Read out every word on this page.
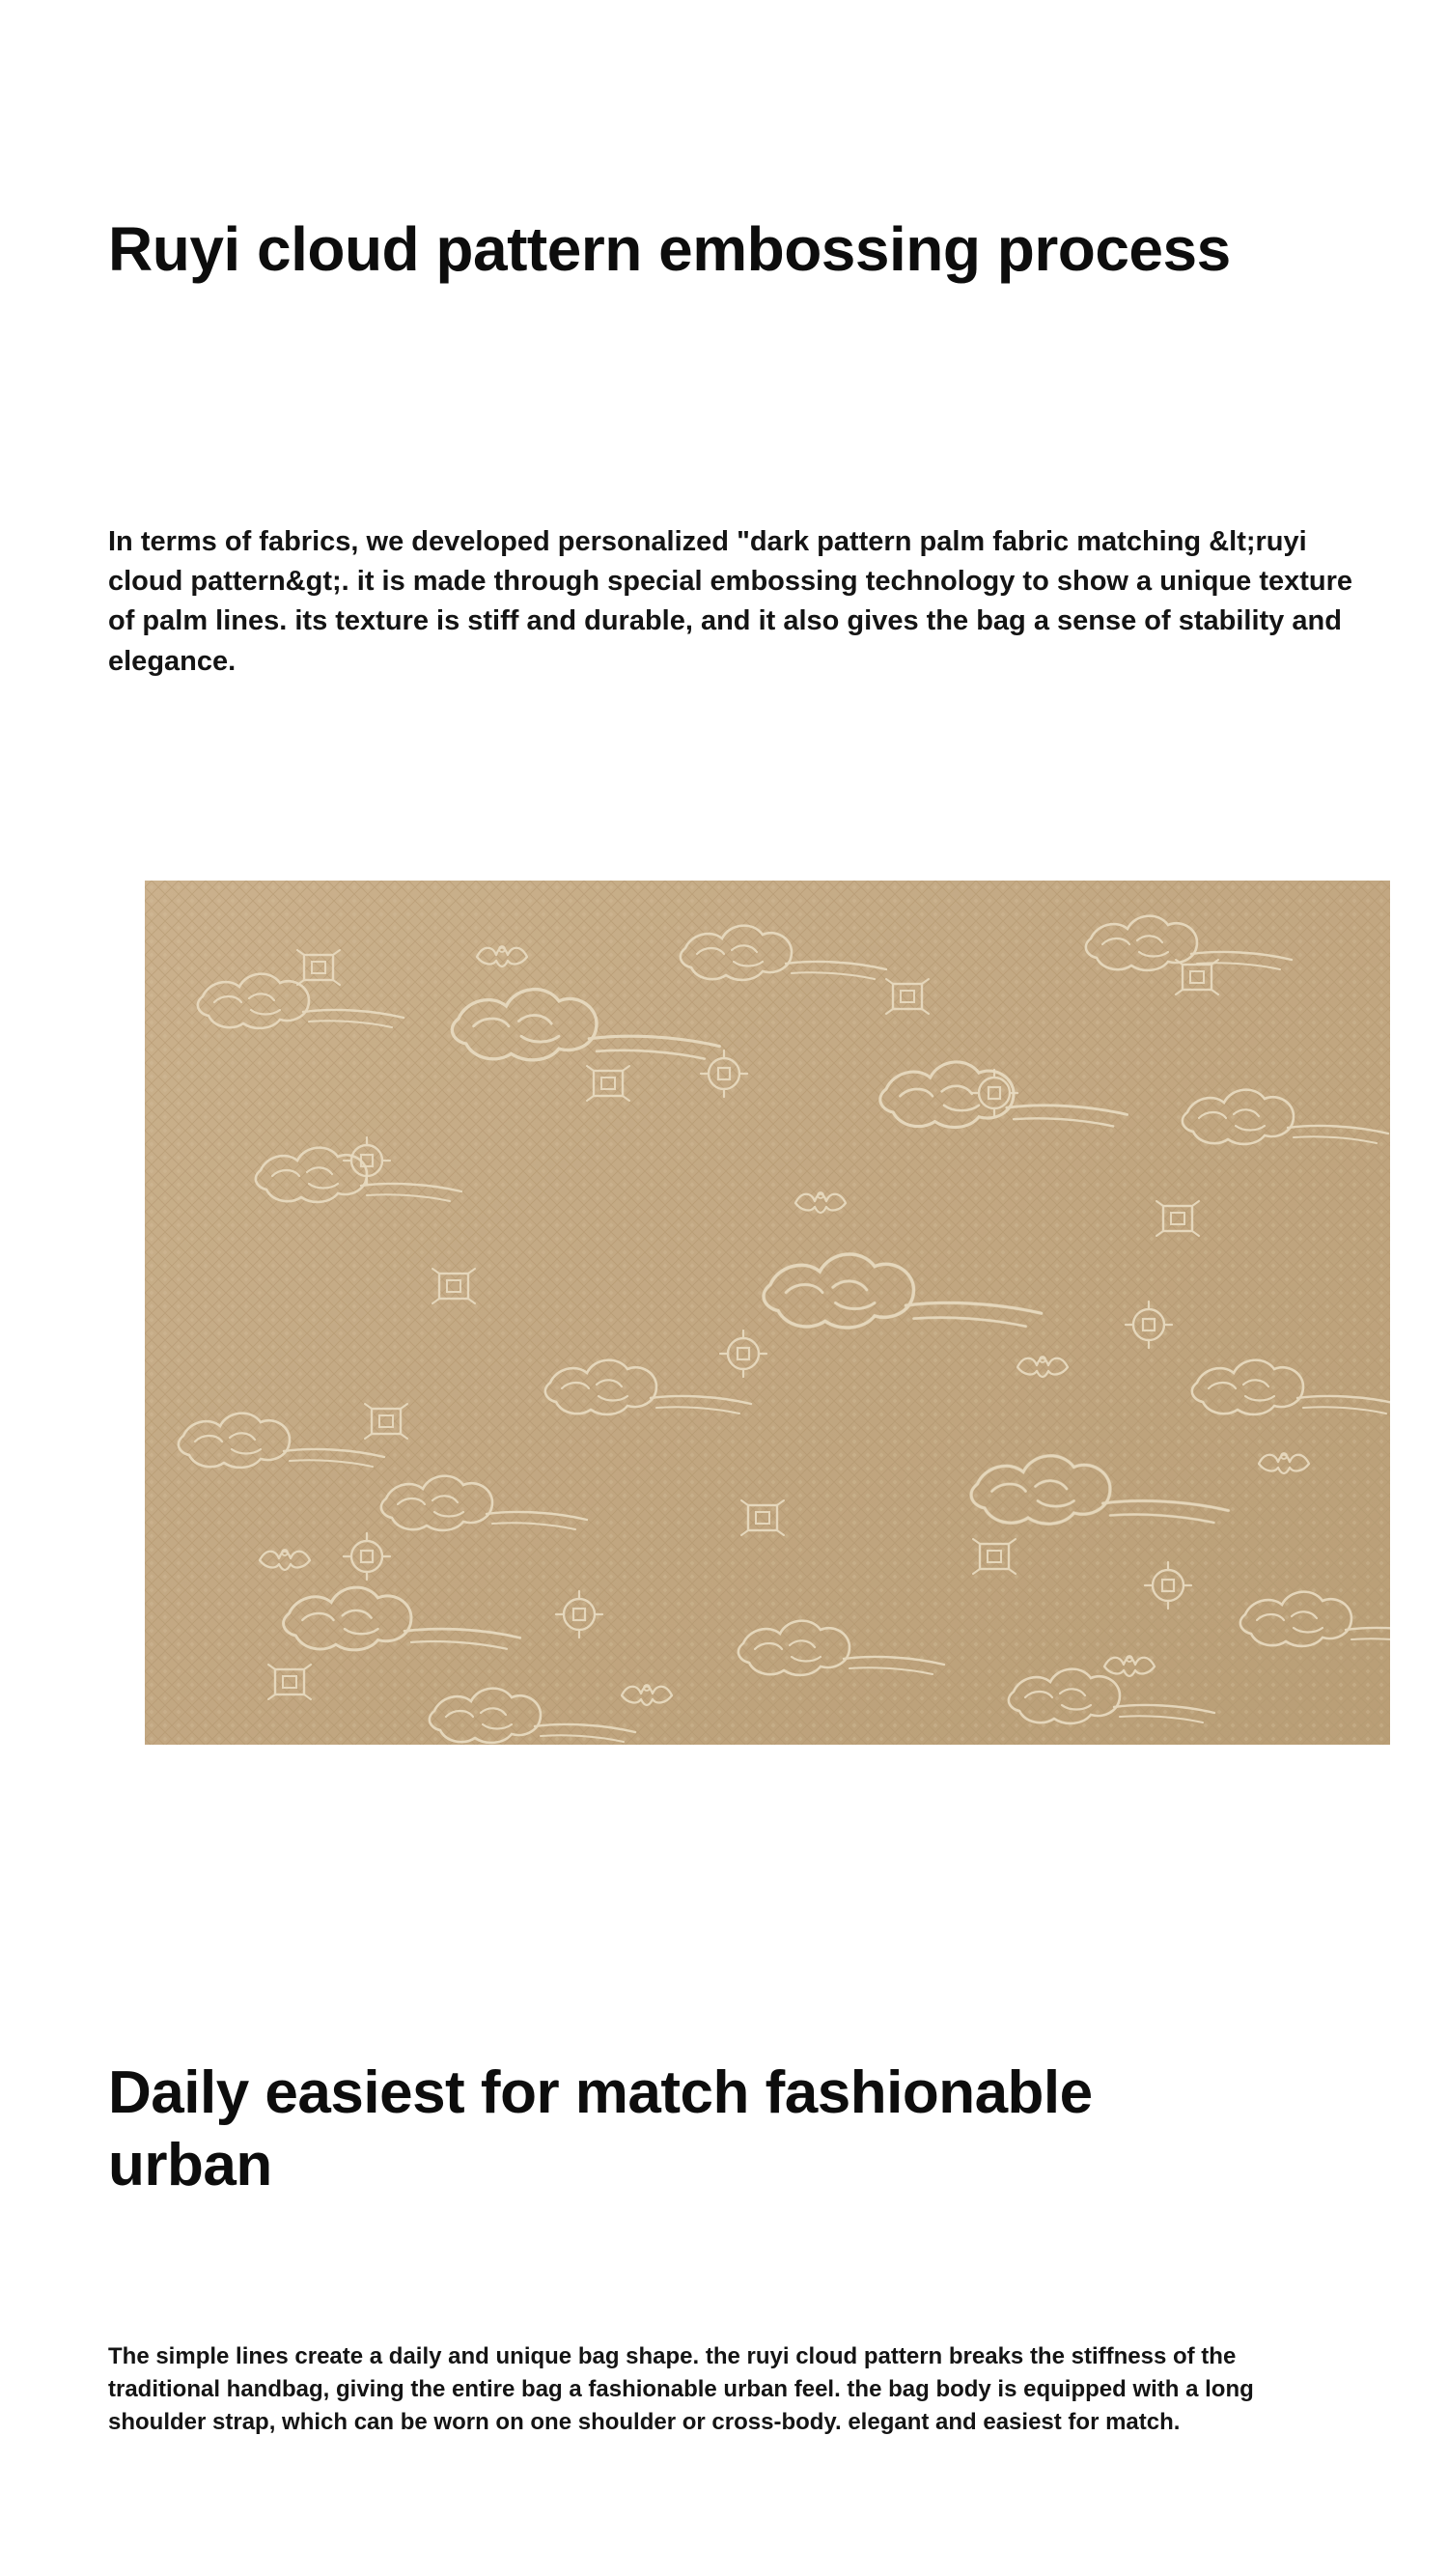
Ruyi cloud pattern embossing process

In terms of fabrics, we developed personalized "dark pattern palm fabric matching &lt;ruyi cloud pattern&gt;. it is made through special embossing technology to show a unique texture of palm lines. its texture is stiff and durable, and it also gives the bag a sense of stability and elegance.

Daily easiest for match fashionable urban

The simple lines create a daily and unique bag shape. the ruyi cloud pattern breaks the stiffness of the traditional handbag, giving the entire bag a fashionable urban feel. the bag body is equipped with a long shoulder strap, which can be worn on one shoulder or cross-body. elegant and easiest for match.
